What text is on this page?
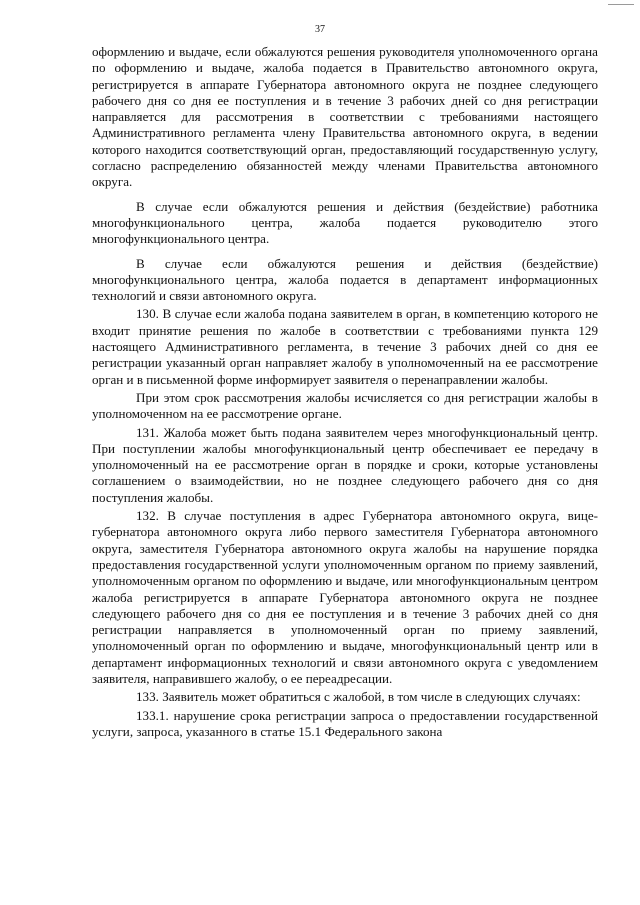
37

оформлению и выдаче, если обжалуются решения руководителя уполномоченного органа по оформлению и выдаче, жалоба подается в Правительство автономного округа, регистрируется в аппарате Губернатора автономного округа не позднее следующего рабочего дня со дня ее поступления и в течение 3 рабочих дней со дня регистрации направляется для рассмотрения в соответствии с требованиями настоящего Административного регламента члену Правительства автономного округа, в ведении которого находится соответствующий орган, предоставляющий государственную услугу, согласно распределению обязанностей между членами Правительства автономного округа.

В случае если обжалуются решения и действия (бездействие) работника многофункционального центра, жалоба подается руководителю этого многофункционального центра.

В случае если обжалуются решения и действия (бездействие) многофункционального центра, жалоба подается в департамент информационных технологий и связи автономного округа.

130. В случае если жалоба подана заявителем в орган, в компетенцию которого не входит принятие решения по жалобе в соответствии с требованиями пункта 129 настоящего Административного регламента, в течение 3 рабочих дней со дня ее регистрации указанный орган направляет жалобу в уполномоченный на ее рассмотрение орган и в письменной форме информирует заявителя о перенаправлении жалобы.

При этом срок рассмотрения жалобы исчисляется со дня регистрации жалобы в уполномоченном на ее рассмотрение органе.

131. Жалоба может быть подана заявителем через многофункциональный центр. При поступлении жалобы многофункциональный центр обеспечивает ее передачу в уполномоченный на ее рассмотрение орган в порядке и сроки, которые установлены соглашением о взаимодействии, но не позднее следующего рабочего дня со дня поступления жалобы.

132. В случае поступления в адрес Губернатора автономного округа, вице-губернатора автономного округа либо первого заместителя Губернатора автономного округа, заместителя Губернатора автономного округа жалобы на нарушение порядка предоставления государственной услуги уполномоченным органом по приему заявлений, уполномоченным органом по оформлению и выдаче, или многофункциональным центром жалоба регистрируется в аппарате Губернатора автономного округа не позднее следующего рабочего дня со дня ее поступления и в течение 3 рабочих дней со дня регистрации направляется в уполномоченный орган по приему заявлений, уполномоченный орган по оформлению и выдаче, многофункциональный центр или в департамент информационных технологий и связи автономного округа с уведомлением заявителя, направившего жалобу, о ее переадресации.

133. Заявитель может обратиться с жалобой, в том числе в следующих случаях:

133.1. нарушение срока регистрации запроса о предоставлении государственной услуги, запроса, указанного в статье 15.1 Федерального закона
